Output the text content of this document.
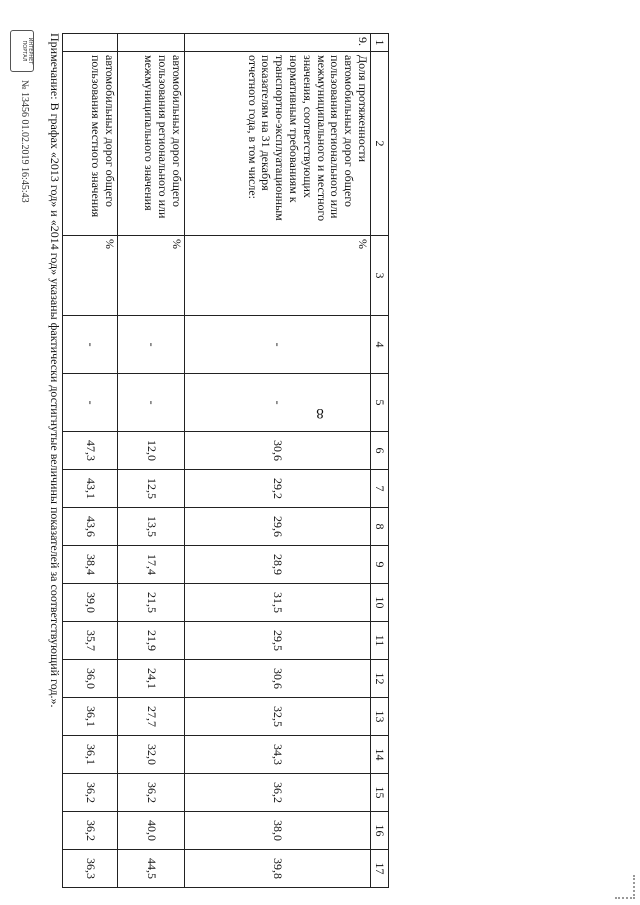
8
1	2	3	4	5	6	7	8	9	10	11	12	13	14	15	16	17
9.	Доля протяженности автомобильных дорог общего пользования регионального или межмуниципального и местного значения, соответствующих нормативным требованиям к транспортно-эксплуатационным показателям на 31 декабря отчетного года, в том числе:	%	-	-	30,6	29,2	29,6	28,9	31,5	29,5	30,6	32,5	34,3	36,2	38,0	39,8
	автомобильных дорог общего пользования регионального или межмуниципального значения	%	-	-	12,0	12,5	13,5	17,4	21,5	21,9	24,1	27,7	32,0	36,2	40,0	44,5
	автомобильных дорог общего пользования местного значения	%	-	-	47,3	43,1	43,6	38,4	39,0	35,7	36,0	36,1	36,1	36,2	36,2	36,3
Примечание: В графах «2013 год» и «2014 год» указаны фактически достигнутые величины показателей за соответствующий год.».
ИНТЕРНЕТ ПОРТАЛ
№ 13456 01.02.2019 16:45:43
